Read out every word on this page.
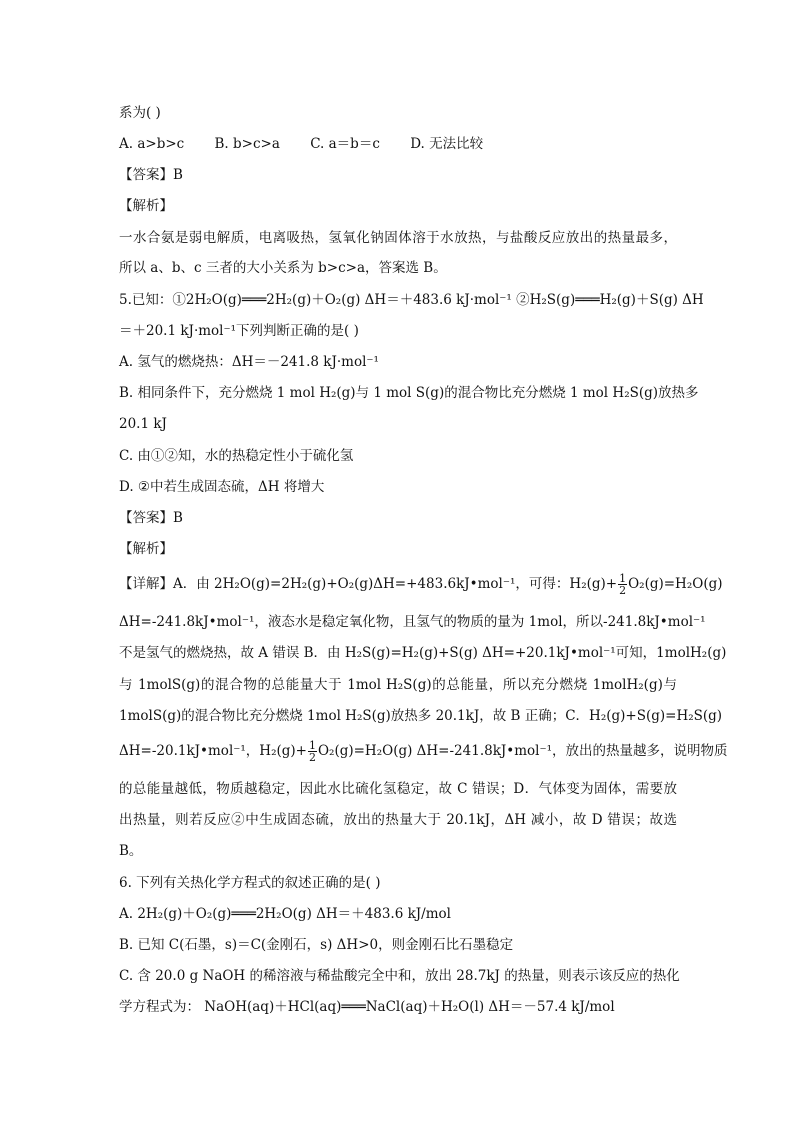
系为( )
A. a>b>c B. b>c>a C. a＝b＝c D. 无法比较
【答案】B
【解析】
一水合氨是弱电解质，电离吸热，氢氧化钠固体溶于水放热，与盐酸反应放出的热量最多，
所以 a、b、c 三者的大小关系为 b>c>a，答案选 B。
5.已知：①2H₂O(g)═══2H₂(g)＋O₂(g) ΔH＝＋483.6 kJ·mol⁻¹ ②H₂S(g)═══H₂(g)＋S(g) ΔH
＝＋20.1 kJ·mol⁻¹下列判断正确的是( )
A. 氢气的燃烧热：ΔH＝－241.8 kJ·mol⁻¹
B. 相同条件下，充分燃烧 1 mol H₂(g)与 1 mol S(g)的混合物比充分燃烧 1 mol H₂S(g)放热多
20.1 kJ
C. 由①②知，水的热稳定性小于硫化氢
D. ②中若生成固态硫，ΔH 将增大
【答案】B
【解析】
【详解】A．由 2H₂O(g)=2H₂(g)+O₂(g)ΔH=+483.6kJ•mol⁻¹，可得：$H_2(g)+ \frac{1}{2} O_2(g)=H_2O(g)$
ΔH=-241.8kJ•mol⁻¹，液态水是稳定氧化物，且氢气的物质的量为 1mol，所以-241.8kJ•mol⁻¹
不是氢气的燃烧热，故 A 错误 B．由 H₂S(g)=H₂(g)+S(g) ΔH=+20.1kJ•mol⁻¹可知，1molH₂(g)
与 1molS(g)的混合物的总能量大于 1mol H₂S(g)的总能量，所以充分燃烧 1molH₂(g)与
1molS(g)的混合物比充分燃烧 1mol H₂S(g)放热多 20.1kJ，故 B 正确；C．H₂(g)+S(g)=H₂S(g)
ΔH=-20.1kJ•mol⁻¹，$H_2(g)+ \frac{1}{2} O_2(g)=H_2O(g)$ ΔH=-241.8kJ•mol⁻¹，放出的热量越多，说明物质
的总能量越低，物质越稳定，因此水比硫化氢稳定，故 C 错误；D．气体变为固体，需要放
出热量，则若反应②中生成固态硫，放出的热量大于 20.1kJ，ΔH 减小，故 D 错误；故选
B。
6. 下列有关热化学方程式的叙述正确的是( )
A. 2H₂(g)＋O₂(g)═══2H₂O(g) ΔH＝＋483.6 kJ/mol
B. 已知 C(石墨，s)＝C(金刚石，s) ΔH>0，则金刚石比石墨稳定
C. 含 20.0 g NaOH 的稀溶液与稀盐酸完全中和，放出 28.7kJ 的热量，则表示该反应的热化
学方程式为： NaOH(aq)＋HCl(aq)═══NaCl(aq)＋H₂O(l) ΔH＝－57.4 kJ/mol
